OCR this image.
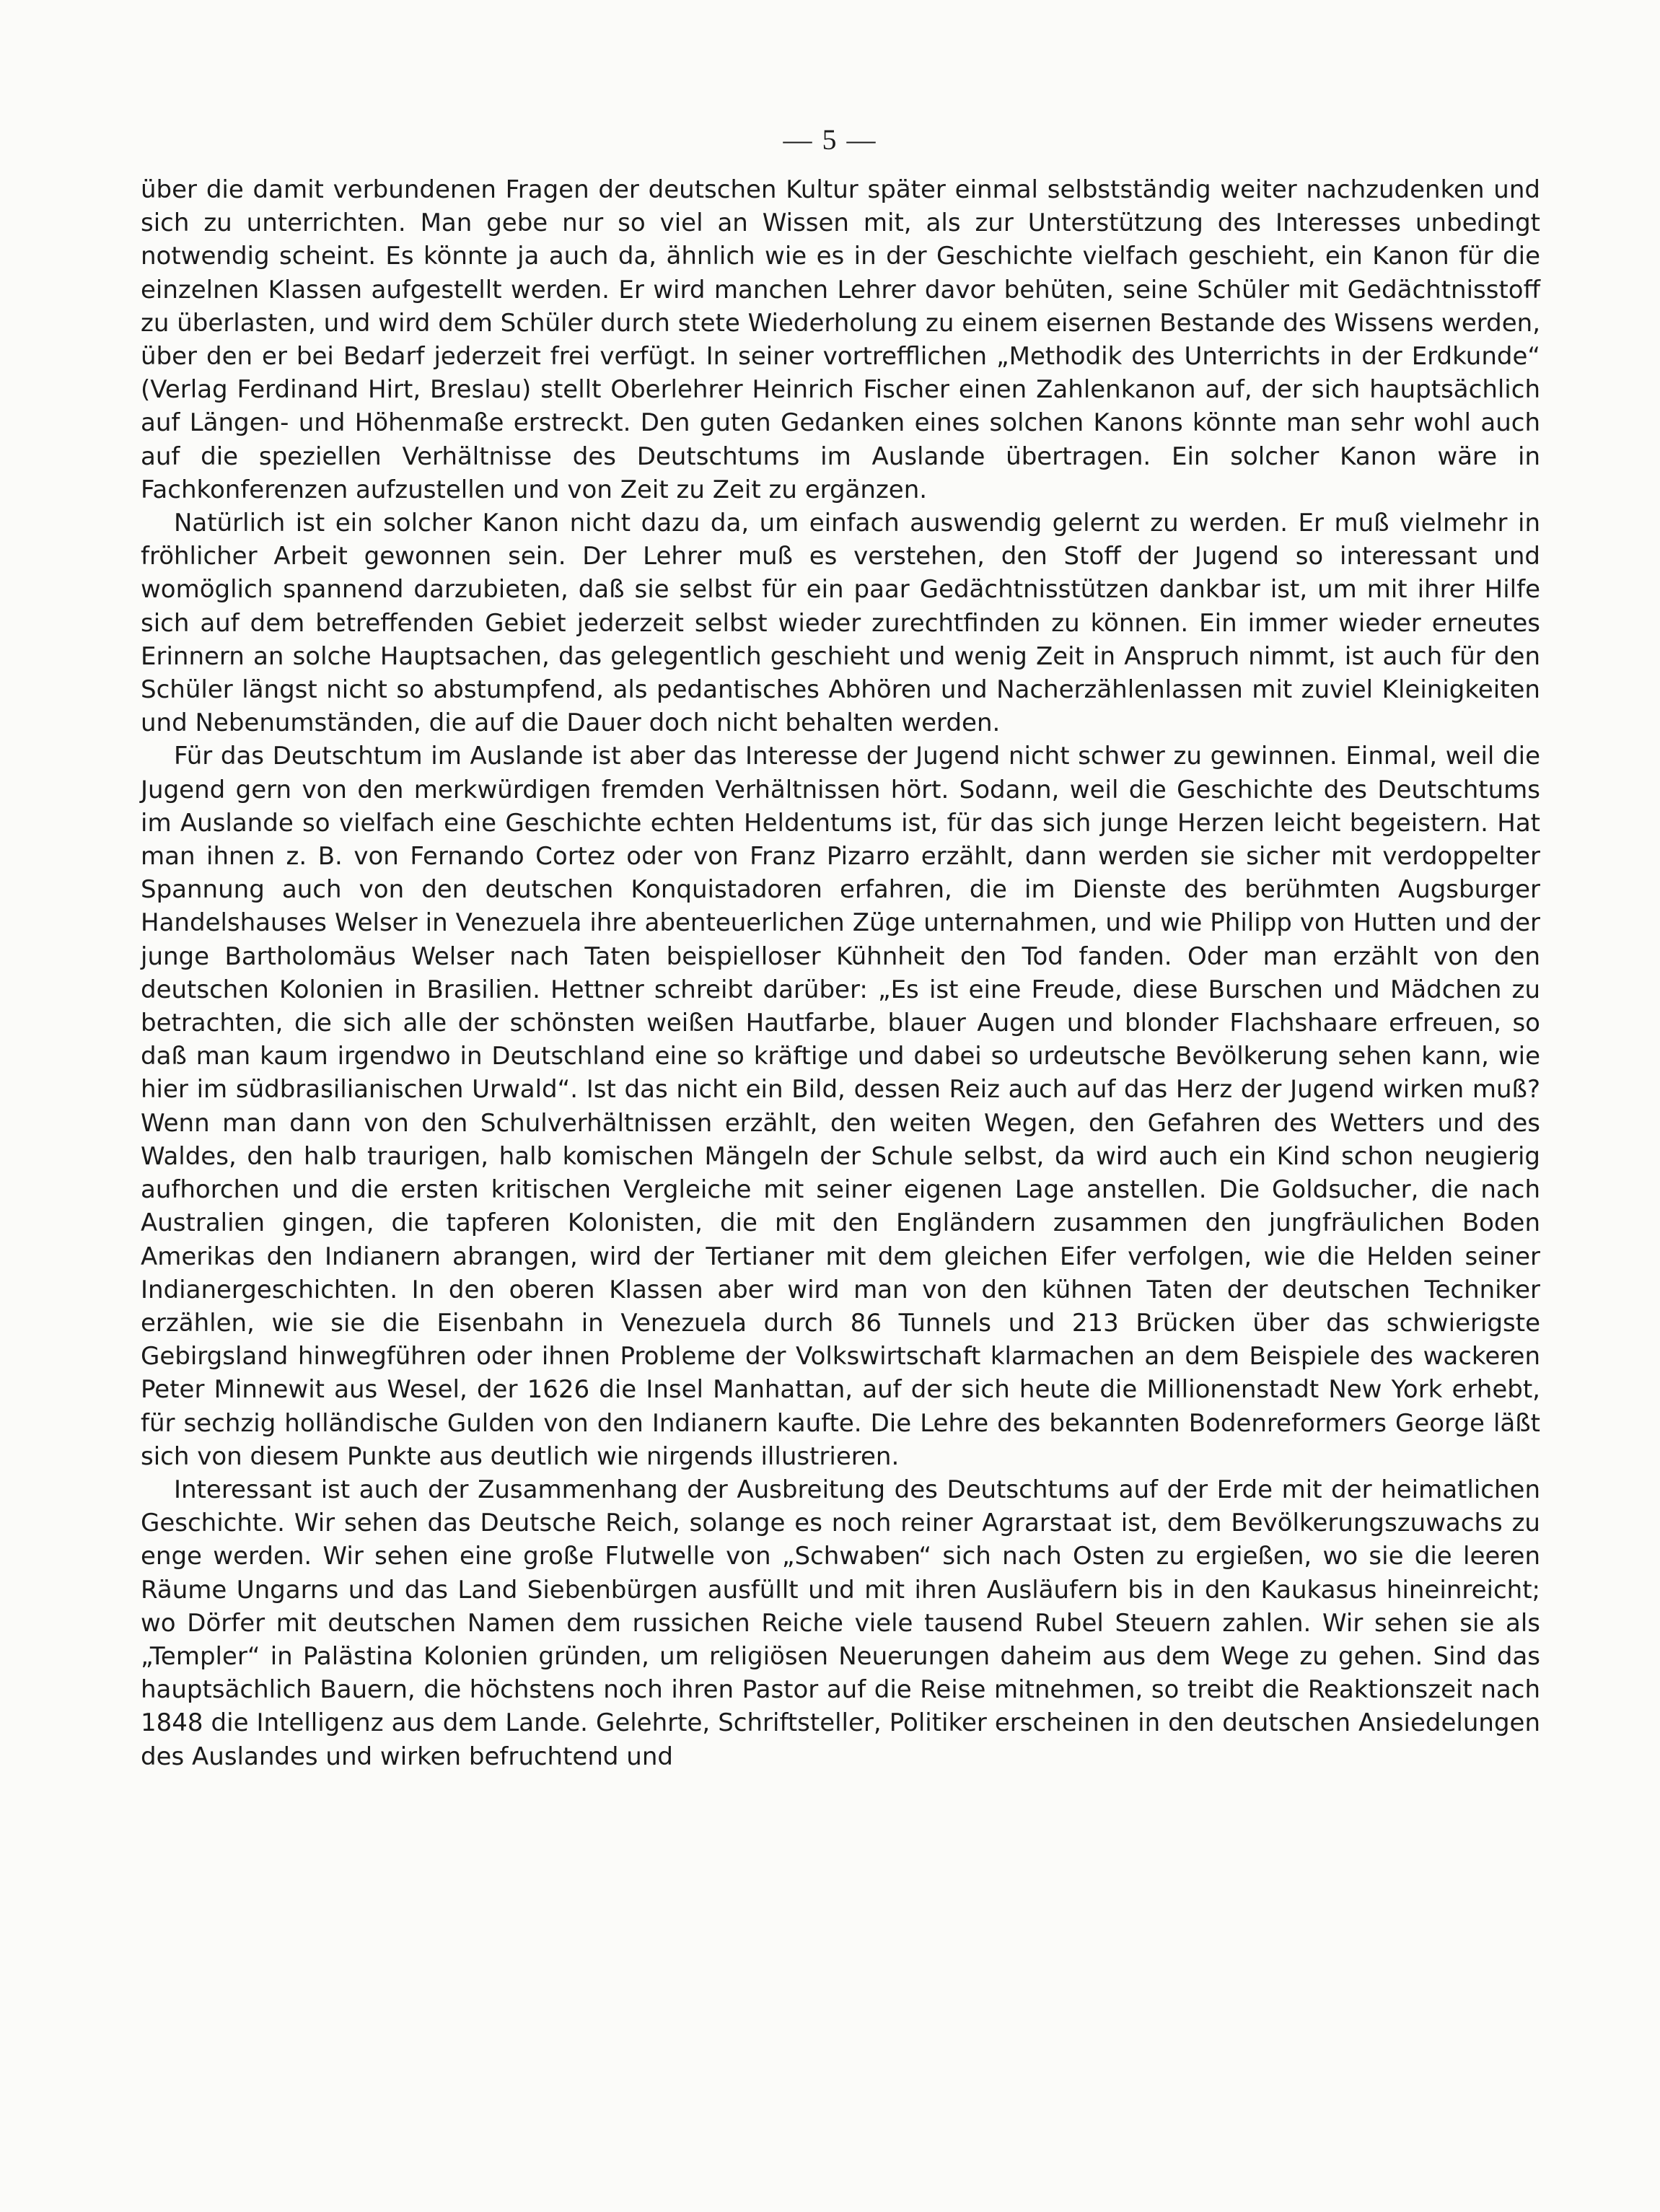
— 5 —

über die damit verbundenen Fragen der deutschen Kultur später einmal selbstständig weiter nachzudenken und sich zu unterrichten. Man gebe nur so viel an Wissen mit, als zur Unterstützung des Interesses unbedingt notwendig scheint. Es könnte ja auch da, ähnlich wie es in der Geschichte vielfach geschieht, ein Kanon für die einzelnen Klassen aufgestellt werden. Er wird manchen Lehrer davor behüten, seine Schüler mit Gedächtnisstoff zu überlasten, und wird dem Schüler durch stete Wiederholung zu einem eisernen Bestande des Wissens werden, über den er bei Bedarf jederzeit frei verfügt. In seiner vortrefflichen „Methodik des Unterrichts in der Erdkunde“ (Verlag Ferdinand Hirt, Breslau) stellt Oberlehrer Heinrich Fischer einen Zahlenkanon auf, der sich hauptsächlich auf Längen- und Höhenmaße erstreckt. Den guten Gedanken eines solchen Kanons könnte man sehr wohl auch auf die speziellen Verhältnisse des Deutschtums im Auslande übertragen. Ein solcher Kanon wäre in Fachkonferenzen aufzustellen und von Zeit zu Zeit zu ergänzen.

Natürlich ist ein solcher Kanon nicht dazu da, um einfach auswendig gelernt zu werden. Er muß vielmehr in fröhlicher Arbeit gewonnen sein. Der Lehrer muß es verstehen, den Stoff der Jugend so interessant und womöglich spannend darzubieten, daß sie selbst für ein paar Gedächtnisstützen dankbar ist, um mit ihrer Hilfe sich auf dem betreffenden Gebiet jederzeit selbst wieder zurechtfinden zu können. Ein immer wieder erneutes Erinnern an solche Hauptsachen, das gelegentlich geschieht und wenig Zeit in Anspruch nimmt, ist auch für den Schüler längst nicht so abstumpfend, als pedantisches Abhören und Nacherzählenlassen mit zuviel Kleinigkeiten und Nebenumständen, die auf die Dauer doch nicht behalten werden.

Für das Deutschtum im Auslande ist aber das Interesse der Jugend nicht schwer zu gewinnen. Einmal, weil die Jugend gern von den merkwürdigen fremden Verhältnissen hört. Sodann, weil die Geschichte des Deutschtums im Auslande so vielfach eine Geschichte echten Heldentums ist, für das sich junge Herzen leicht begeistern. Hat man ihnen z. B. von Fernando Cortez oder von Franz Pizarro erzählt, dann werden sie sicher mit verdoppelter Spannung auch von den deutschen Konquistadoren erfahren, die im Dienste des berühmten Augsburger Handelshauses Welser in Venezuela ihre abenteuerlichen Züge unternahmen, und wie Philipp von Hutten und der junge Bartholomäus Welser nach Taten beispielloser Kühnheit den Tod fanden. Oder man erzählt von den deutschen Kolonien in Brasilien. Hettner schreibt darüber: „Es ist eine Freude, diese Burschen und Mädchen zu betrachten, die sich alle der schönsten weißen Hautfarbe, blauer Augen und blonder Flachshaare erfreuen, so daß man kaum irgendwo in Deutschland eine so kräftige und dabei so urdeutsche Bevölkerung sehen kann, wie hier im südbrasilianischen Urwald“. Ist das nicht ein Bild, dessen Reiz auch auf das Herz der Jugend wirken muß? Wenn man dann von den Schulverhältnissen erzählt, den weiten Wegen, den Gefahren des Wetters und des Waldes, den halb traurigen, halb komischen Mängeln der Schule selbst, da wird auch ein Kind schon neugierig aufhorchen und die ersten kritischen Vergleiche mit seiner eigenen Lage anstellen. Die Goldsucher, die nach Australien gingen, die tapferen Kolonisten, die mit den Engländern zusammen den jungfräulichen Boden Amerikas den Indianern abrangen, wird der Tertianer mit dem gleichen Eifer verfolgen, wie die Helden seiner Indianergeschichten. In den oberen Klassen aber wird man von den kühnen Taten der deutschen Techniker erzählen, wie sie die Eisenbahn in Venezuela durch 86 Tunnels und 213 Brücken über das schwierigste Gebirgsland hinwegführen oder ihnen Probleme der Volkswirtschaft klarmachen an dem Beispiele des wackeren Peter Minnewit aus Wesel, der 1626 die Insel Manhattan, auf der sich heute die Millionenstadt New York erhebt, für sechzig holländische Gulden von den Indianern kaufte. Die Lehre des bekannten Bodenreformers George läßt sich von diesem Punkte aus deutlich wie nirgends illustrieren.

Interessant ist auch der Zusammenhang der Ausbreitung des Deutschtums auf der Erde mit der heimatlichen Geschichte. Wir sehen das Deutsche Reich, solange es noch reiner Agrarstaat ist, dem Bevölkerungszuwachs zu enge werden. Wir sehen eine große Flutwelle von „Schwaben“ sich nach Osten zu ergießen, wo sie die leeren Räume Ungarns und das Land Siebenbürgen ausfüllt und mit ihren Ausläufern bis in den Kaukasus hineinreicht; wo Dörfer mit deutschen Namen dem russichen Reiche viele tausend Rubel Steuern zahlen. Wir sehen sie als „Templer“ in Palästina Kolonien gründen, um religiösen Neuerungen daheim aus dem Wege zu gehen. Sind das hauptsächlich Bauern, die höchstens noch ihren Pastor auf die Reise mitnehmen, so treibt die Reaktionszeit nach 1848 die Intelligenz aus dem Lande. Gelehrte, Schriftsteller, Politiker erscheinen in den deutschen Ansiedelungen des Auslandes und wirken befruchtend und
